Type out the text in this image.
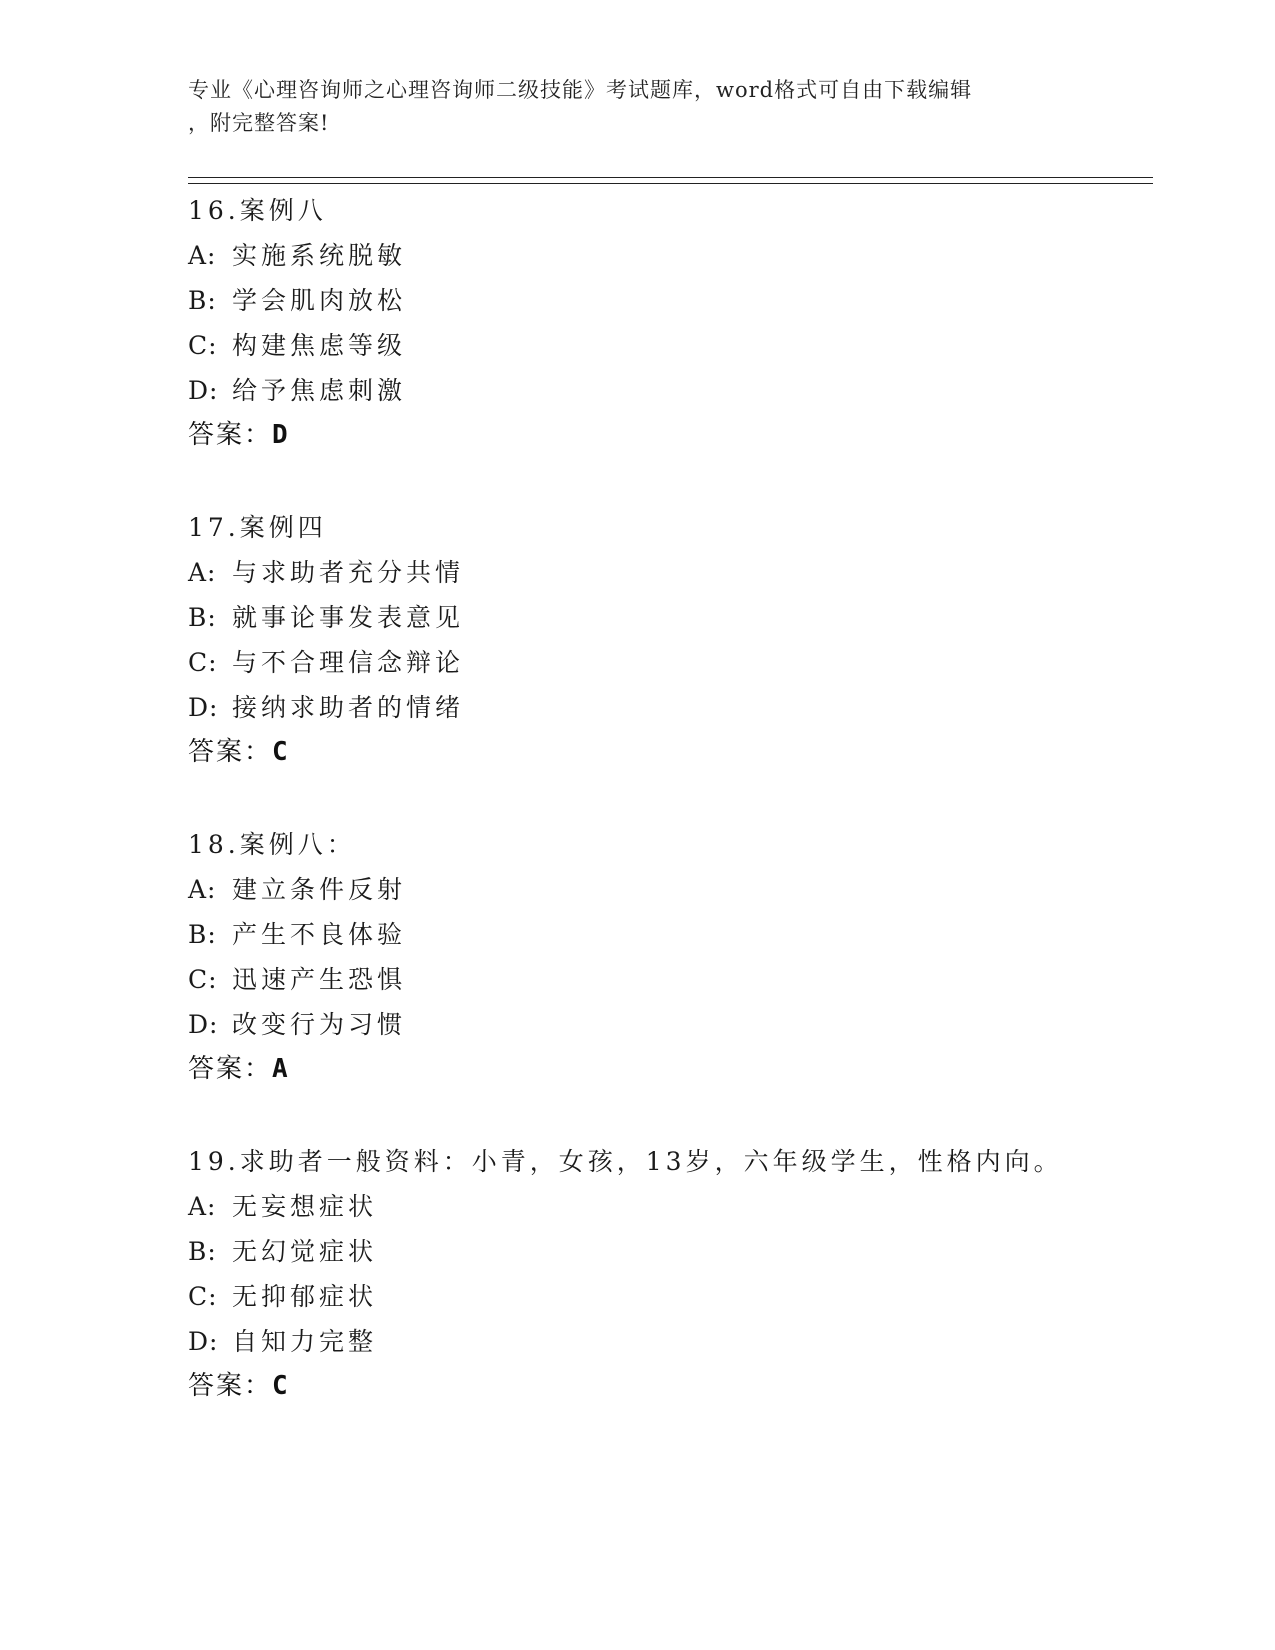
专业《心理咨询师之心理咨询师二级技能》考试题库，word格式可自由下载编辑
，附完整答案!
16.案例八
A: 实施系统脱敏
B: 学会肌肉放松
C: 构建焦虑等级
D: 给予焦虑刺激
答案：D
17.案例四
A: 与求助者充分共情
B: 就事论事发表意见
C: 与不合理信念辩论
D: 接纳求助者的情绪
答案：C
18.案例八：
A: 建立条件反射
B: 产生不良体验
C: 迅速产生恐惧
D: 改变行为习惯
答案：A
19.求助者一般资料：小青，女孩，13岁，六年级学生，性格内向。
A: 无妄想症状
B: 无幻觉症状
C: 无抑郁症状
D: 自知力完整
答案：C
